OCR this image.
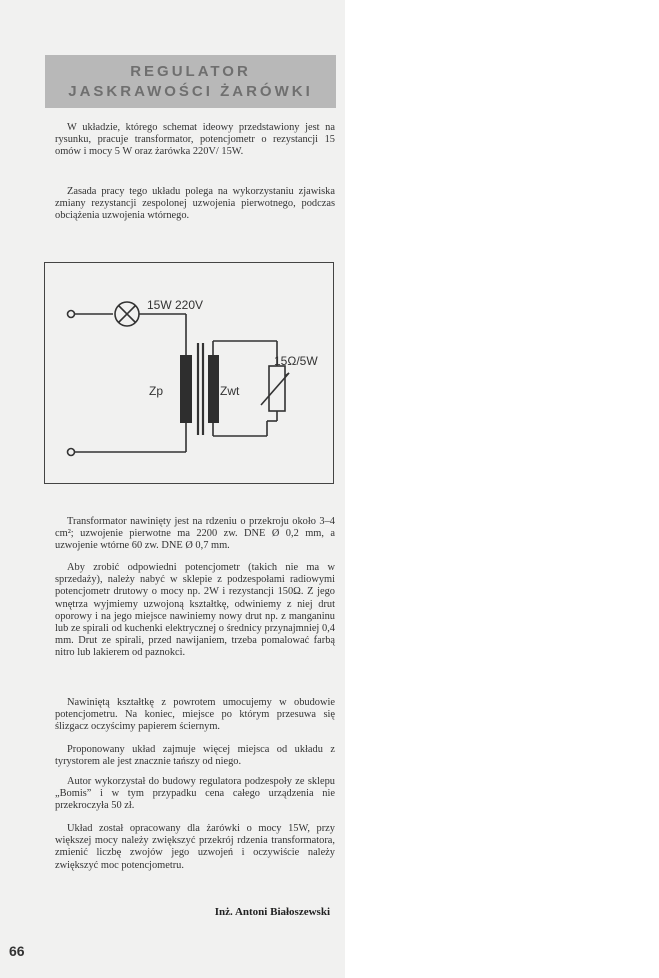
REGULATOR
JASKRAWOŚCI ŻARÓWKI

W układzie, którego schemat ideowy przedstawiony jest na rysunku, pracuje transformator, potencjometr o rezystancji 15 omów i mocy 5 W oraz żarówka 220V/ 15W.

Zasada pracy tego układu polega na wykorzystaniu zjawiska zmiany rezystancji zespolonej uzwojenia pierwotnego, podczas obciążenia uzwojenia wtórnego.

15W 220V
Zp	Zwt
15Ω/5W

Transformator nawinięty jest na rdzeniu o przekroju około 3–4 cm²; uzwojenie pierwotne ma 2200 zw. DNE Ø 0,2 mm, a uzwojenie wtórne 60 zw. DNE Ø 0,7 mm.

Aby zrobić odpowiedni potencjometr (takich nie ma w sprzedaży), należy nabyć w sklepie z podzespołami radiowymi potencjometr drutowy o mocy np. 2W i rezystancji 150Ω. Z jego wnętrza wyjmiemy uzwojoną kształtkę, odwiniemy z niej drut oporowy i na jego miejsce nawiniemy nowy drut np. z manganinu lub ze spirali od kuchenki elektrycznej o średnicy przynajmniej 0,4 mm. Drut ze spirali, przed nawijaniem, trzeba pomalować farbą nitro lub lakierem od paznokci.

Nawiniętą kształtkę z powrotem umocujemy w obudowie potencjometru. Na koniec, miejsce po którym przesuwa się ślizgacz oczyścimy papierem ściernym.

Proponowany układ zajmuje więcej miejsca od układu z tyrystorem ale jest znacznie tańszy od niego.

Autor wykorzystał do budowy regulatora podzespoły ze sklepu „Bomis” i w tym przypadku cena całego urządzenia nie przekroczyła 50 zł.

Układ został opracowany dla żarówki o mocy 15W, przy większej mocy należy zwiększyć przekrój rdzenia transformatora, zmienić liczbę zwojów jego uzwojeń i oczywiście należy zwiększyć moc potencjometru.

Inż. Antoni Białoszewski
66
